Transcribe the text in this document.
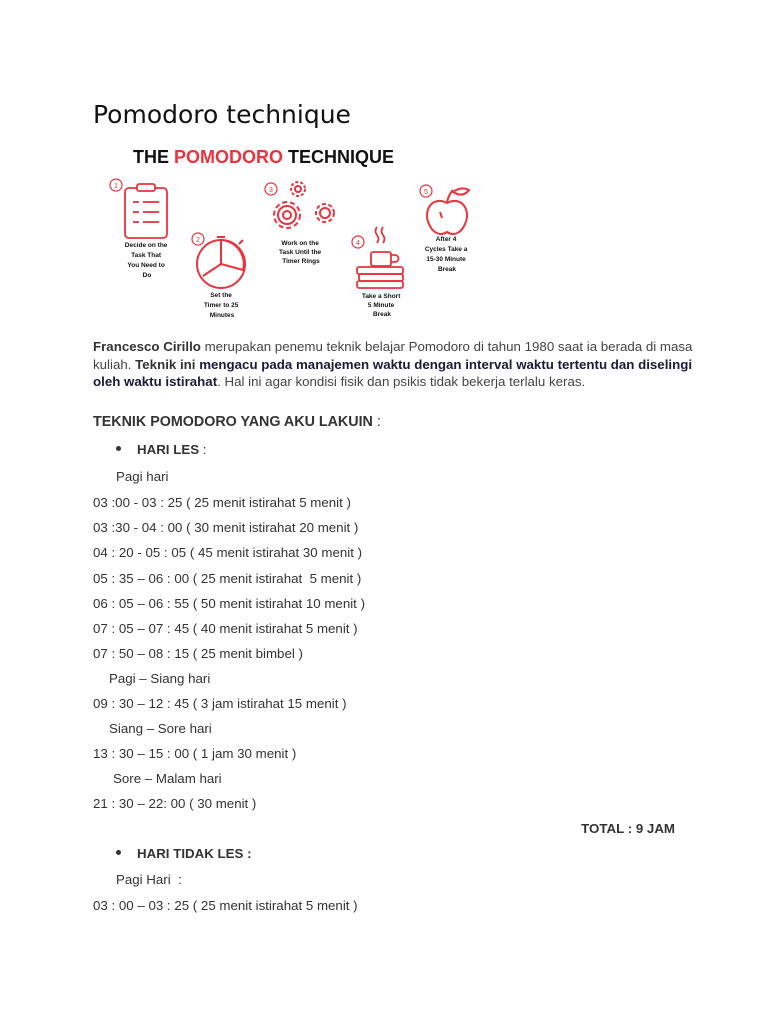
Pomodoro technique
THE POMODORO TECHNIQUE
1
Decide on the Task That You Need to Do
2
Set the Timer to 25 Minutes
3
Work on the Task Until the Timer Rings
4
Take a Short 5 Minute Break
5
After 4 Cycles Take a 15-30 Minute Break

Francesco Cirillo merupakan penemu teknik belajar Pomodoro di tahun 1980 saat ia berada di masa kuliah. Teknik ini mengacu pada manajemen waktu dengan interval waktu tertentu dan diselingi oleh waktu istirahat. Hal ini agar kondisi fisik dan psikis tidak bekerja terlalu keras.

TEKNIK POMODORO YANG AKU LAKUIN :
HARI LES :
Pagi hari
03 :00 - 03 : 25 ( 25 menit istirahat 5 menit )
03 :30 - 04 : 00 ( 30 menit istirahat 20 menit )
04 : 20 - 05 : 05 ( 45 menit istirahat 30 menit )
05 : 35 – 06 : 00 ( 25 menit istirahat  5 menit )
06 : 05 – 06 : 55 ( 50 menit istirahat 10 menit )
07 : 05 – 07 : 45 ( 40 menit istirahat 5 menit )
07 : 50 – 08 : 15 ( 25 menit bimbel )
Pagi – Siang hari
09 : 30 – 12 : 45 ( 3 jam istirahat 15 menit )
Siang – Sore hari
13 : 30 – 15 : 00 ( 1 jam 30 menit )
Sore – Malam hari
21 : 30 – 22: 00 ( 30 menit )
TOTAL : 9 JAM
HARI TIDAK LES :
Pagi Hari  :
03 : 00 – 03 : 25 ( 25 menit istirahat 5 menit )
